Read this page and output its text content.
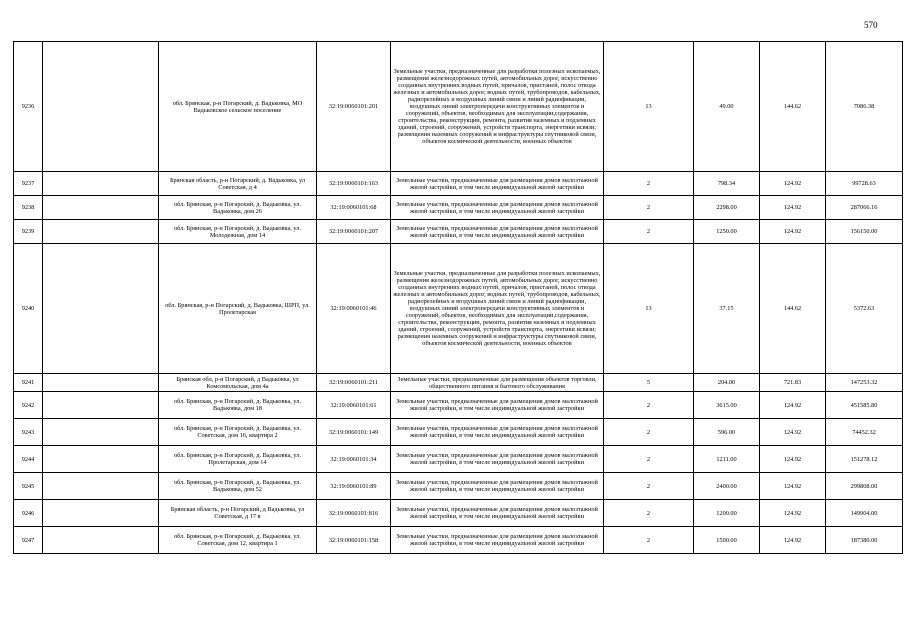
570
9236		обл. Брянская, р-н Погарский, д. Вадьковка, МО Вадьковское сельское поселение	32:19:0060101:201	Земельные участки, предназначенные для разработки полезных ископаемых, размещения железнодорожных путей, автомобильных дорог, искусственно созданных внутренних водных путей, причалов, пристаней, полос отвода железных и автомобильных дорог, водных путей, трубопроводов, кабельных, радиорелейных и воздушных линий связи и линий радиофикации, воздушных линий электропередачи конструктивных элементов и сооружений, объектов, необходимых для эксплуатации,содержания, строительства, реконструкции, ремонта, развития наземных и подземных зданий, строений, сооружений, устройств транспорта, энергетики исвязи; размещения наземных сооружений и инфраструктуры спутниковой связи, объектов космической деятельности, военных объектов	13	49.00	144.62	7086.38
9237		Брянская область, р-н Погарский, д. Вадьковка, ул Советская, д 4	32:19:0060101:163	Земельные участки, предназначенные для размещения домов малоэтажной жилой застройки, в том числе индивидуальной жилой застройки	2	798.34	124.92	99728.63
9238		обл. Брянская, р-н Погарский, д. Вадьковка, ул. Вадьковка, дом 26	32:19:0060101:68	Земельные участки, предназначенные для размещения домов малоэтажной жилой застройки, в том числе индивидуальной жилой застройки	2	2298.00	124.92	287066.16
9239		обл. Брянская, р-н Погарский, д. Вадьковка, ул. Молодежная, дом 14	32:19:0060101:207	Земельные участки, предназначенные для размещения домов малоэтажной жилой застройки, в том числе индивидуальной жилой застройки	2	1250.00	124.92	156150.00
9240		обл. Брянская, р-н Погарский, д. Вадьковка, ШРП, ул. Пролетарская	32:19:0060101:46	Земельные участки, предназначенные для разработки полезных ископаемых, размещения железнодорожных путей, автомобильных дорог, искусственно созданных внутренних водных путей, причалов, пристаней, полос отвода железных и автомобильных дорог, водных путей, трубопроводов, кабельных, радиорелейных и воздушных линий связи и линий радиофикации, воздушных линий электропередачи конструктивных элементов и сооружений, объектов, необходимых для эксплуатации,содержания, строительства, реконструкции, ремонта, развития наземных и подземных зданий, строений, сооружений, устройств транспорта, энергетики исвязи; размещения наземных сооружений и инфраструктуры спутниковой связи, объектов космической деятельности, военных объектов	13	37.15	144.62	5372.63
9241		Брянская обл, р-н Погарский, д Вадьковка, ул Комсомольская, дом 4а	32:19:0060101:211	Земельные участки, предназначенные для размещения объектов торговли, общественного питания и бытового обслуживания	5	204.00	721.83	147253.32
9242		обл. Брянская, р-н Погарский, д. Вадьковка, ул. Вадьковка, дом 18	32:19:0060101:61	Земельные участки, предназначенные для размещения домов малоэтажной жилой застройки, в том числе индивидуальной жилой застройки	2	3615.00	124.92	451585.80
9243		обл. Брянская, р-н Погарский, д. Вадьковка, ул. Советская, дом 16, квартира 2	32:19:0060101:149	Земельные участки, предназначенные для размещения домов малоэтажной жилой застройки, в том числе индивидуальной жилой застройки	2	596.00	124.92	74452.32
9244		обл. Брянская, р-н Погарский, д. Вадьковка, ул. Пролетарская, дом 14	32:19:0060101:34	Земельные участки, предназначенные для размещения домов малоэтажной жилой застройки, в том числе индивидуальной жилой застройки	2	1211.00	124.92	151278.12
9245		обл. Брянская, р-н Погарский, д. Вадьковка, ул. Вадьковка, дом 52	32:19:0060101:89	Земельные участки, предназначенные для размещения домов малоэтажной жилой застройки, в том числе индивидуальной жилой застройки	2	2400.00	124.92	299808.00
9246		Брянская область, р-н Погарский, д Вадьковка, ул Советская, д 17 в	32:19:0060101:816	Земельные участки, предназначенные для размещения домов малоэтажной жилой застройки, в том числе индивидуальной жилой застройки	2	1200.00	124.92	149904.00
9247		обл. Брянская, р-н Погарский, д. Вадьковка, ул. Советская, дом 12, квартира 1	32:19:0060101:158	Земельные участки, предназначенные для размещения домов малоэтажной жилой застройки, в том числе индивидуальной жилой застройки	2	1500.00	124.92	187380.00
